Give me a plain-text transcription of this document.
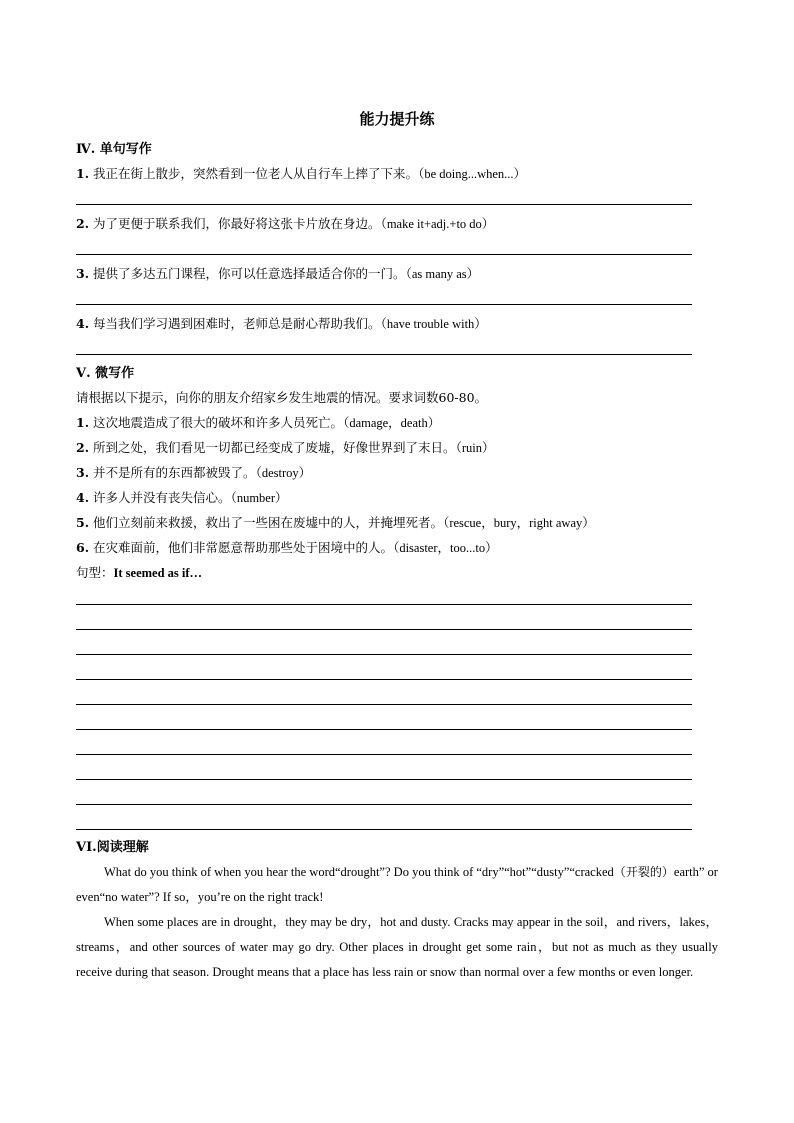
能力提升练
Ⅳ. 单句写作
1. 我正在街上散步，突然看到一位老人从自行车上摔了下来。（be doing...when...）
2. 为了更便于联系我们，你最好将这张卡片放在身边。（make it+adj.+to do）
3. 提供了多达五门课程，你可以任意选择最适合你的一门。（as many as）
4. 每当我们学习遇到困难时，老师总是耐心帮助我们。（have trouble with）
Ⅴ. 微写作
请根据以下提示，向你的朋友介绍家乡发生地震的情况。要求词数60-80。
1. 这次地震造成了很大的破坏和许多人员死亡。（damage，death）
2. 所到之处，我们看见一切都已经变成了废墟，好像世界到了末日。（ruin）
3. 并不是所有的东西都被毁了。（destroy）
4. 许多人并没有丧失信心。（number）
5. 他们立刻前来救援，救出了一些困在废墟中的人，并掩埋死者。（rescue，bury，right away）
6. 在灾难面前，他们非常愿意帮助那些处于困境中的人。（disaster，too...to）
句型：It seemed as if…
VI.阅读理解
What do you think of when you hear the word“drought”? Do you think of “dry”“hot”“dusty”“cracked（开裂的）earth” or even“no water”? If so，you’re on the right track!
When some places are in drought，they may be dry，hot and dusty. Cracks may appear in the soil，and rivers，lakes，streams，and other sources of water may go dry. Other places in drought get some rain，but not as much as they usually receive during that season. Drought means that a place has less rain or snow than normal over a few months or even longer.
